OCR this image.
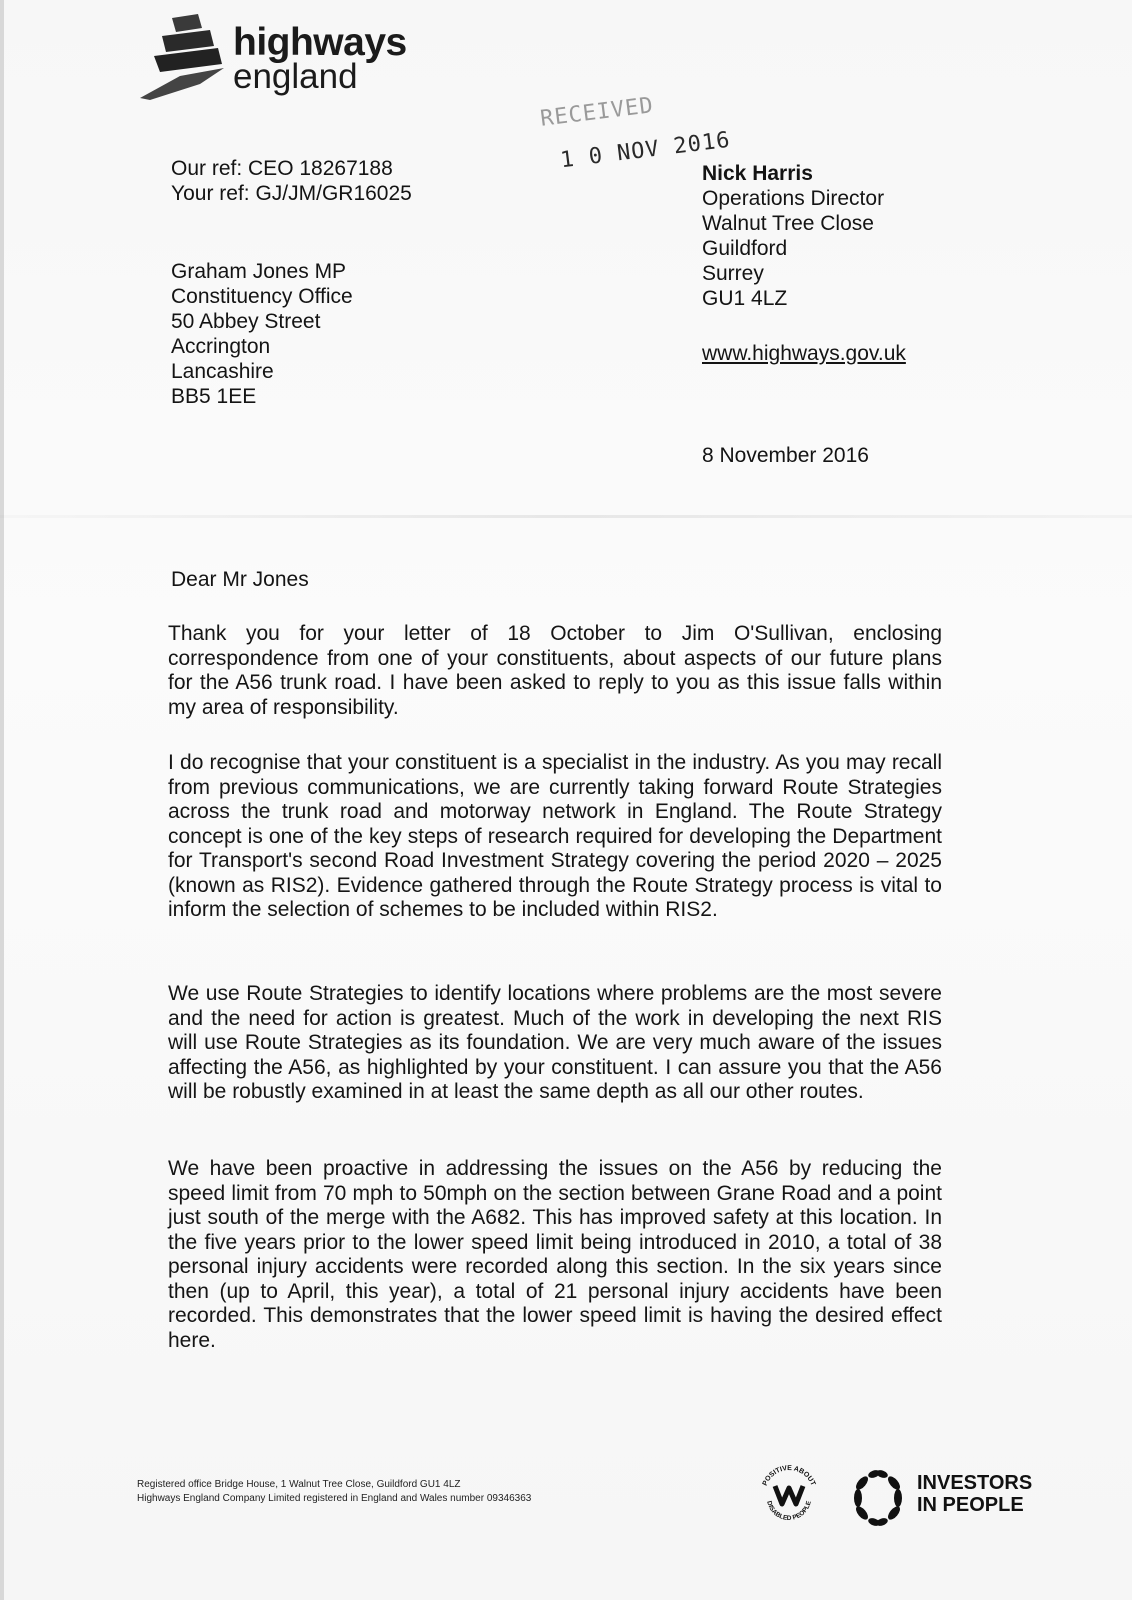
highways
england
RECEIVED
1 0 NOV 2016
Our ref: CEO 18267188
Your ref: GJ/JM/GR16025
Nick Harris
Operations Director
Walnut Tree Close
Guildford
Surrey
GU1 4LZ
www.highways.gov.uk
Graham Jones MP
Constituency Office
50 Abbey Street
Accrington
Lancashire
BB5 1EE
8 November 2016
Dear Mr Jones
Thank you for your letter of 18 October to Jim O'Sullivan, enclosing correspondence from one of your constituents, about aspects of our future plans for the A56 trunk road. I have been asked to reply to you as this issue falls within my area of responsibility.
I do recognise that your constituent is a specialist in the industry. As you may recall from previous communications, we are currently taking forward Route Strategies across the trunk road and motorway network in England. The Route Strategy concept is one of the key steps of research required for developing the Department for Transport's second Road Investment Strategy covering the period 2020 – 2025 (known as RIS2). Evidence gathered through the Route Strategy process is vital to inform the selection of schemes to be included within RIS2.
We use Route Strategies to identify locations where problems are the most severe and the need for action is greatest. Much of the work in developing the next RIS will use Route Strategies as its foundation. We are very much aware of the issues affecting the A56, as highlighted by your constituent. I can assure you that the A56 will be robustly examined in at least the same depth as all our other routes.
We have been proactive in addressing the issues on the A56 by reducing the speed limit from 70 mph to 50mph on the section between Grane Road and a point just south of the merge with the A682. This has improved safety at this location. In the five years prior to the lower speed limit being introduced in 2010, a total of 38 personal injury accidents were recorded along this section. In the six years since then (up to April, this year), a total of 21 personal injury accidents have been recorded. This demonstrates that the lower speed limit is having the desired effect here.
Registered office Bridge House, 1 Walnut Tree Close, Guildford GU1 4LZ
Highways England Company Limited registered in England and Wales number 09346363
POSITIVE ABOUT
DISABLED PEOPLE
INVESTORS
IN PEOPLE
